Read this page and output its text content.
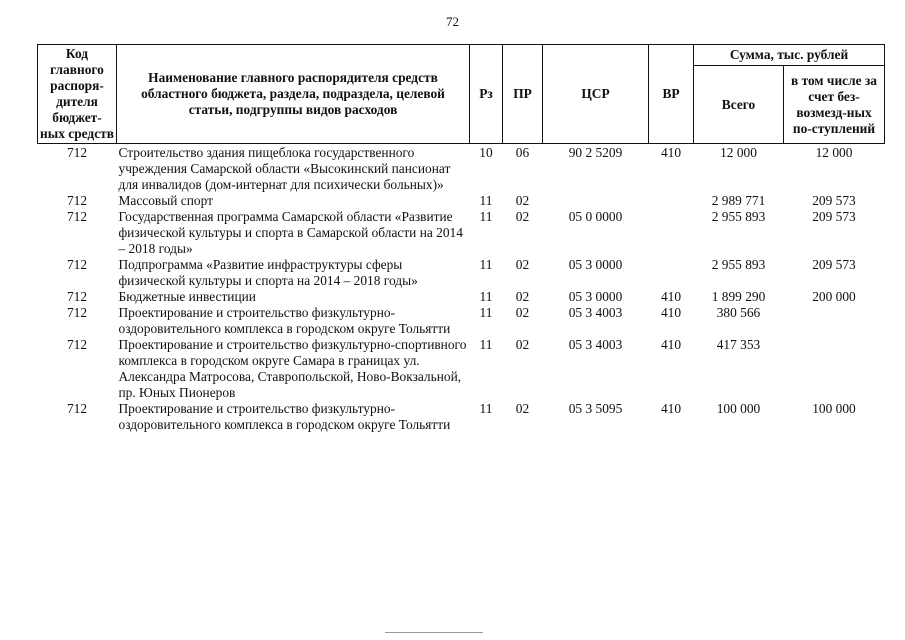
72
Код главного распоря-дителя бюджет-ных средств	Наименование главного распорядителя средств областного бюджета, раздела, подраздела, целевой статьи, подгруппы видов расходов	Рз	ПР	ЦСР	ВР	Сумма, тыс. рублей	
						Всего	в том числе за счет без-возмезд-ных по-ступлений
712	Строительство здания пищеблока государственного учреждения Самарской области «Высокинский пансионат для инвалидов (дом-интернат для психически больных)»	10	06	90 2 5209	410	12 000	12 000
712	Массовый спорт	11	02			2 989 771	209 573
712	Государственная программа Самарской области «Развитие физической культуры и спорта в Самарской области на 2014 – 2018 годы»	11	02	05 0 0000		2 955 893	209 573
712	Подпрограмма «Развитие инфраструктуры сферы физической культуры и спорта на 2014 – 2018 годы»	11	02	05 3 0000		2 955 893	209 573
712	Бюджетные инвестиции	11	02	05 3 0000	410	1 899 290	200 000
712	Проектирование и строительство физкультурно-оздоровительного комплекса в городском округе Тольятти	11	02	05 3 4003	410	380 566	
712	Проектирование и строительство физкультурно-спортивного комплекса в городском округе Самара в границах ул. Александра Матросова, Ставропольской, Ново-Вокзальной, пр. Юных Пионеров	11	02	05 3 4003	410	417 353	
712	Проектирование и строительство физкультурно-оздоровительного комплекса в городском округе Тольятти	11	02	05 3 5095	410	100 000	100 000
